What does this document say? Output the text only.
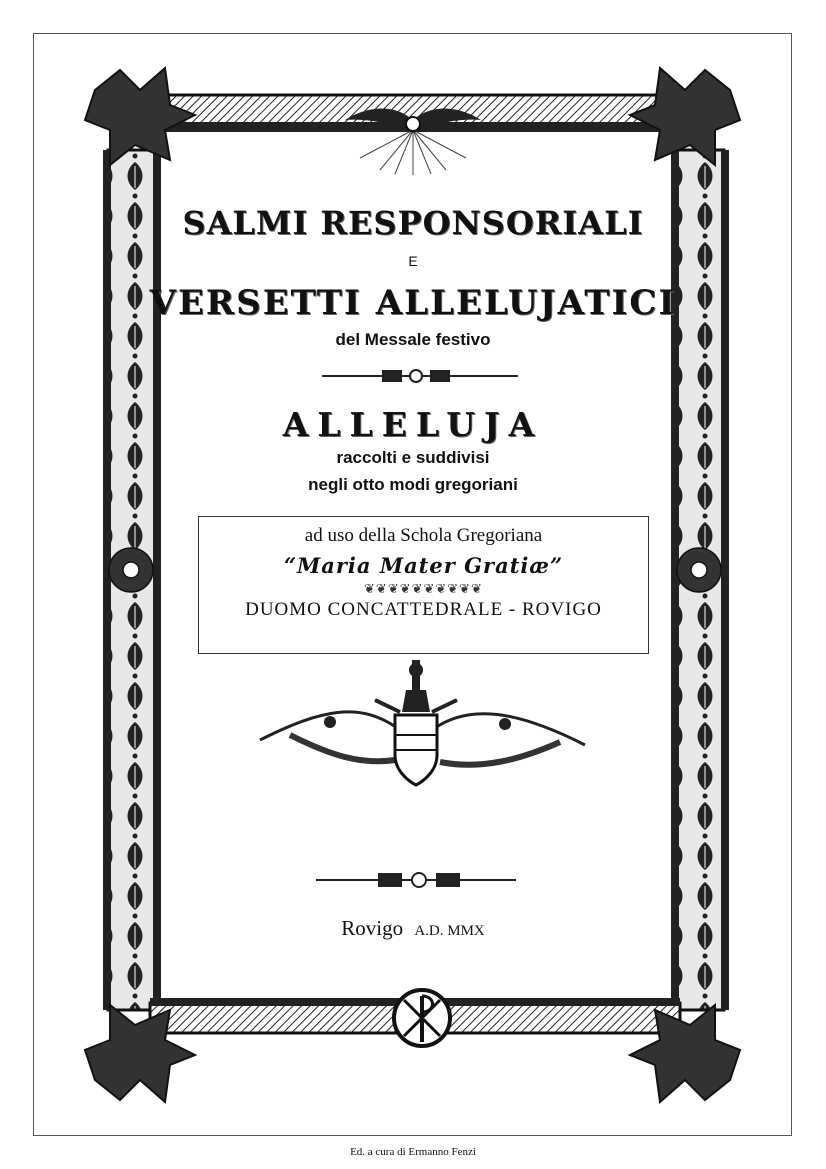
SALMI RESPONSORIALI
E
VERSETTI ALLELUJATICI
del Messale festivo
ALLELUJA
raccolti e suddivisi
negli otto modi gregoriani
ad uso della Schola Gregoriana
“Maria Mater Gratiæ”
❦❦❦❦❦❦❦❦❦❦
DUOMO CONCATTEDRALE - ROVIGO
Rovigo A.D. MMX
Ed. a cura di Ermanno Fenzi
